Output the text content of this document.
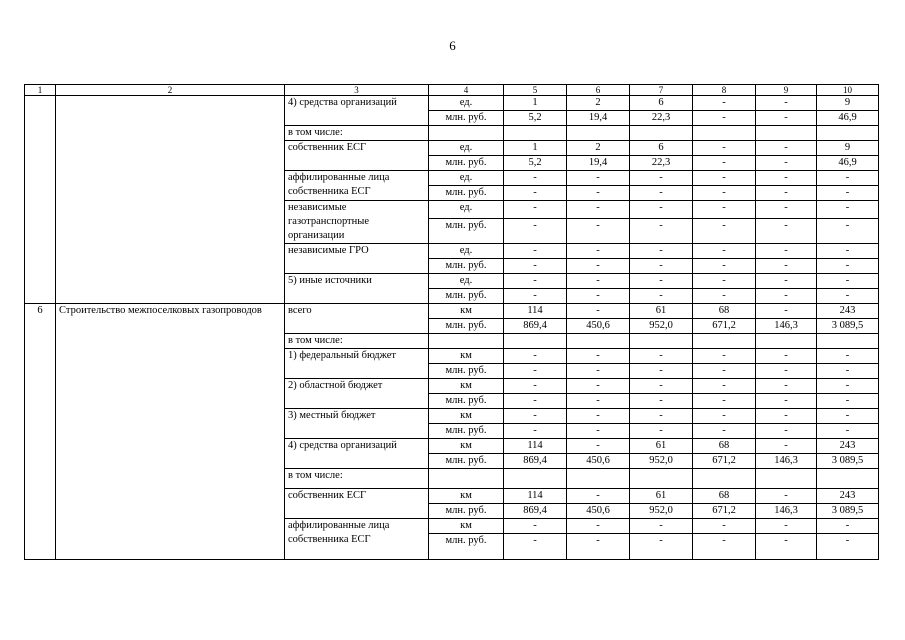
6
1	2	3	4	5	6	7	8	9	10
		4) средства организаций	ед.	1	2	6	-	-	9
			млн. руб.	5,2	19,4	22,3	-	-	46,9
		в том числе:							
		собственник ЕСГ	ед.	1	2	6	-	-	9
			млн. руб.	5,2	19,4	22,3	-	-	46,9
		аффилированные лица собственника ЕСГ	ед.	-	-	-	-	-	-
			млн. руб.	-	-	-	-	-	-
		независимые газотранспортные организации	ед.	-	-	-	-	-	-
			млн. руб.	-	-	-	-	-	-
		независимые ГРО	ед.	-	-	-	-	-	-
			млн. руб.	-	-	-	-	-	-
		5) иные источники	ед.	-	-	-	-	-	-
			млн. руб.	-	-	-	-	-	-
6	Строительство межпоселковых газопроводов	всего	км	114	-	61	68	-	243
			млн. руб.	869,4	450,6	952,0	671,2	146,3	3 089,5
		в том числе:							
		1) федеральный бюджет	км	-	-	-	-	-	-
			млн. руб.	-	-	-	-	-	-
		2) областной бюджет	км	-	-	-	-	-	-
			млн. руб.	-	-	-	-	-	-
		3) местный бюджет	км	-	-	-	-	-	-
			млн. руб.	-	-	-	-	-	-
		4) средства организаций	км	114	-	61	68	-	243
			млн. руб.	869,4	450,6	952,0	671,2	146,3	3 089,5
		в том числе:							
		собственник ЕСГ	км	114	-	61	68	-	243
			млн. руб.	869,4	450,6	952,0	671,2	146,3	3 089,5
		аффилированные лица собственника ЕСГ	км	-	-	-	-	-	-
			млн. руб.	-	-	-	-	-	-
